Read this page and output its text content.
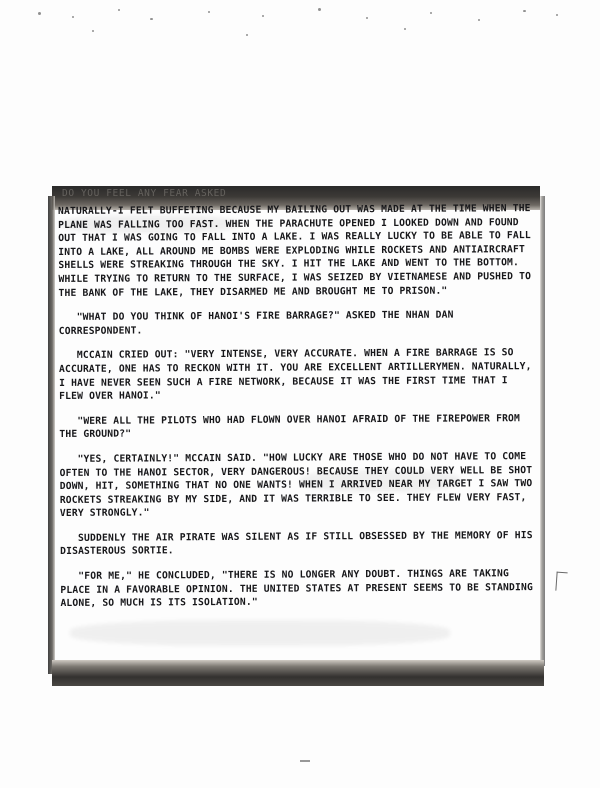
DO YOU FEEL ANY FEAR ASKED

NATURALLY-I FELT BUFFETING BECAUSE MY BAILING OUT WAS MADE AT THE TIME WHEN THE PLANE WAS FALLING TOO FAST. WHEN THE PARACHUTE OPENED I LOOKED DOWN AND FOUND OUT THAT I WAS GOING TO FALL INTO A LAKE. I WAS REALLY LUCKY TO BE ABLE TO FALL INTO A LAKE, ALL AROUND ME BOMBS WERE EXPLODING WHILE ROCKETS AND ANTIAIRCRAFT SHELLS WERE STREAKING THROUGH THE SKY. I HIT THE LAKE AND WENT TO THE BOTTOM. WHILE TRYING TO RETURN TO THE SURFACE, I WAS SEIZED BY VIETNAMESE AND PUSHED TO THE BANK OF THE LAKE, THEY DISARMED ME AND BROUGHT ME TO PRISON."

"WHAT DO YOU THINK OF HANOI'S FIRE BARRAGE?" ASKED THE NHAN DAN CORRESPONDENT.

MCCAIN CRIED OUT: "VERY INTENSE, VERY ACCURATE. WHEN A FIRE BARRAGE IS SO ACCURATE, ONE HAS TO RECKON WITH IT. YOU ARE EXCELLENT ARTILLERYMEN. NATURALLY, I HAVE NEVER SEEN SUCH A FIRE NETWORK, BECAUSE IT WAS THE FIRST TIME THAT I FLEW OVER HANOI."

"WERE ALL THE PILOTS WHO HAD FLOWN OVER HANOI AFRAID OF THE FIREPOWER FROM THE GROUND?"

"YES, CERTAINLY!" MCCAIN SAID. "HOW LUCKY ARE THOSE WHO DO NOT HAVE TO COME OFTEN TO THE HANOI SECTOR, VERY DANGEROUS! BECAUSE THEY COULD VERY WELL BE SHOT DOWN, HIT, SOMETHING THAT NO ONE WANTS! WHEN I ARRIVED NEAR MY TARGET I SAW TWO ROCKETS STREAKING BY MY SIDE, AND IT WAS TERRIBLE TO SEE. THEY FLEW VERY FAST, VERY STRONGLY."

SUDDENLY THE AIR PIRATE WAS SILENT AS IF STILL OBSESSED BY THE MEMORY OF HIS DISASTEROUS SORTIE.

"FOR ME," HE CONCLUDED, "THERE IS NO LONGER ANY DOUBT. THINGS ARE TAKING PLACE IN A FAVORABLE OPINION. THE UNITED STATES AT PRESENT SEEMS TO BE STANDING ALONE, SO MUCH IS ITS ISOLATION."
